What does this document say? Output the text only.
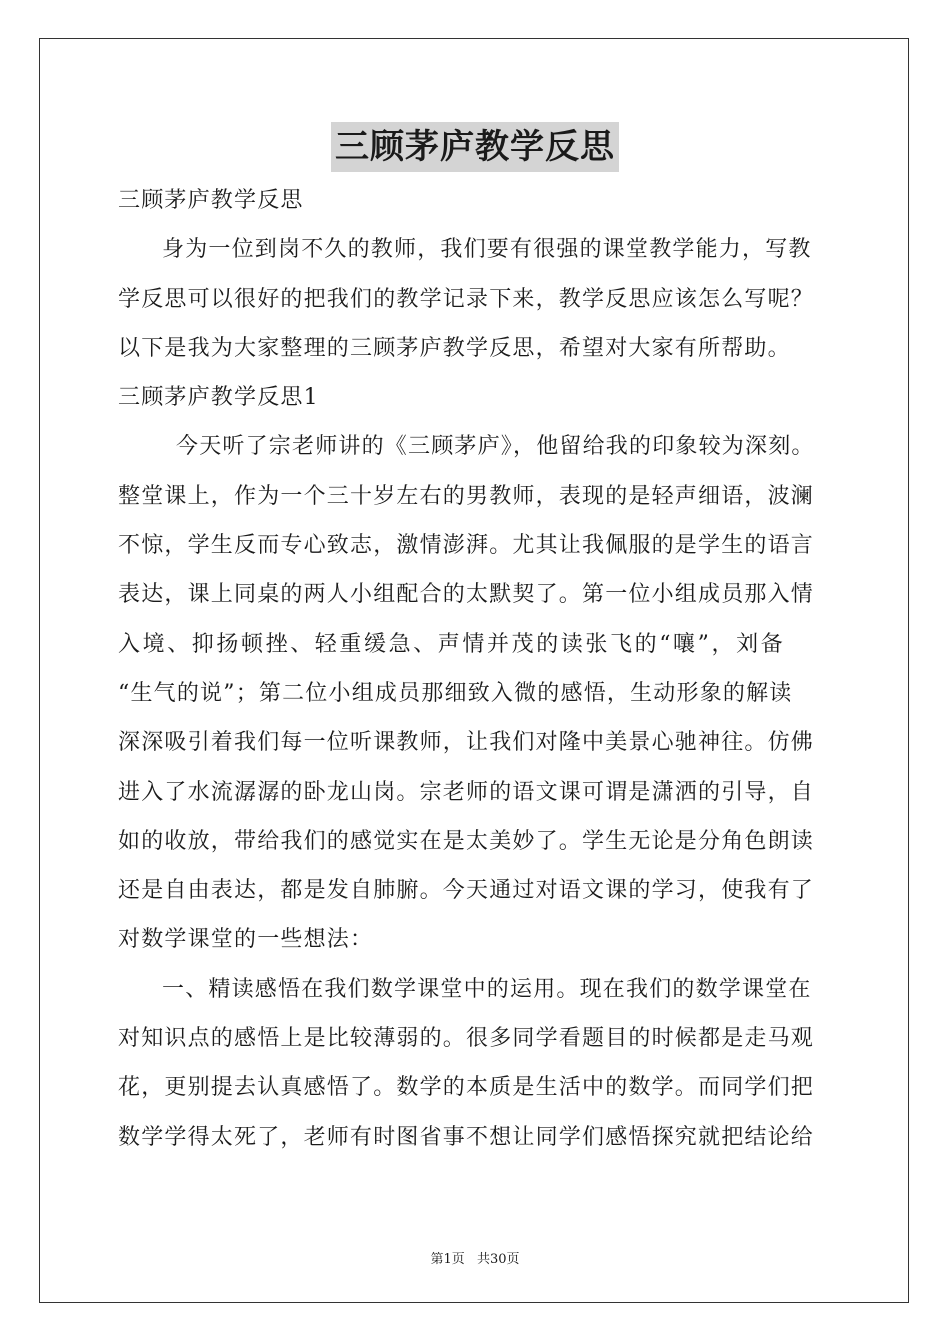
三顾茅庐教学反思
三顾茅庐教学反思
身为一位到岗不久的教师，我们要有很强的课堂教学能力，写教
学反思可以很好的把我们的教学记录下来，教学反思应该怎么写呢？
以下是我为大家整理的三顾茅庐教学反思，希望对大家有所帮助。
三顾茅庐教学反思1
今天听了宗老师讲的《三顾茅庐》，他留给我的印象较为深刻。
整堂课上，作为一个三十岁左右的男教师，表现的是轻声细语，波澜
不惊，学生反而专心致志，激情澎湃。尤其让我佩服的是学生的语言
表达，课上同桌的两人小组配合的太默契了。第一位小组成员那入情
入境、抑扬顿挫、轻重缓急、声情并茂的读张飞的“嚷”，刘备
“生气的说”；第二位小组成员那细致入微的感悟，生动形象的解读
深深吸引着我们每一位听课教师，让我们对隆中美景心驰神往。仿佛
进入了水流潺潺的卧龙山岗。宗老师的语文课可谓是潇洒的引导，自
如的收放，带给我们的感觉实在是太美妙了。学生无论是分角色朗读
还是自由表达，都是发自肺腑。今天通过对语文课的学习，使我有了
对数学课堂的一些想法：
一、精读感悟在我们数学课堂中的运用。现在我们的数学课堂在
对知识点的感悟上是比较薄弱的。很多同学看题目的时候都是走马观
花，更别提去认真感悟了。数学的本质是生活中的数学。而同学们把
数学学得太死了，老师有时图省事不想让同学们感悟探究就把结论给
第1页 共30页
